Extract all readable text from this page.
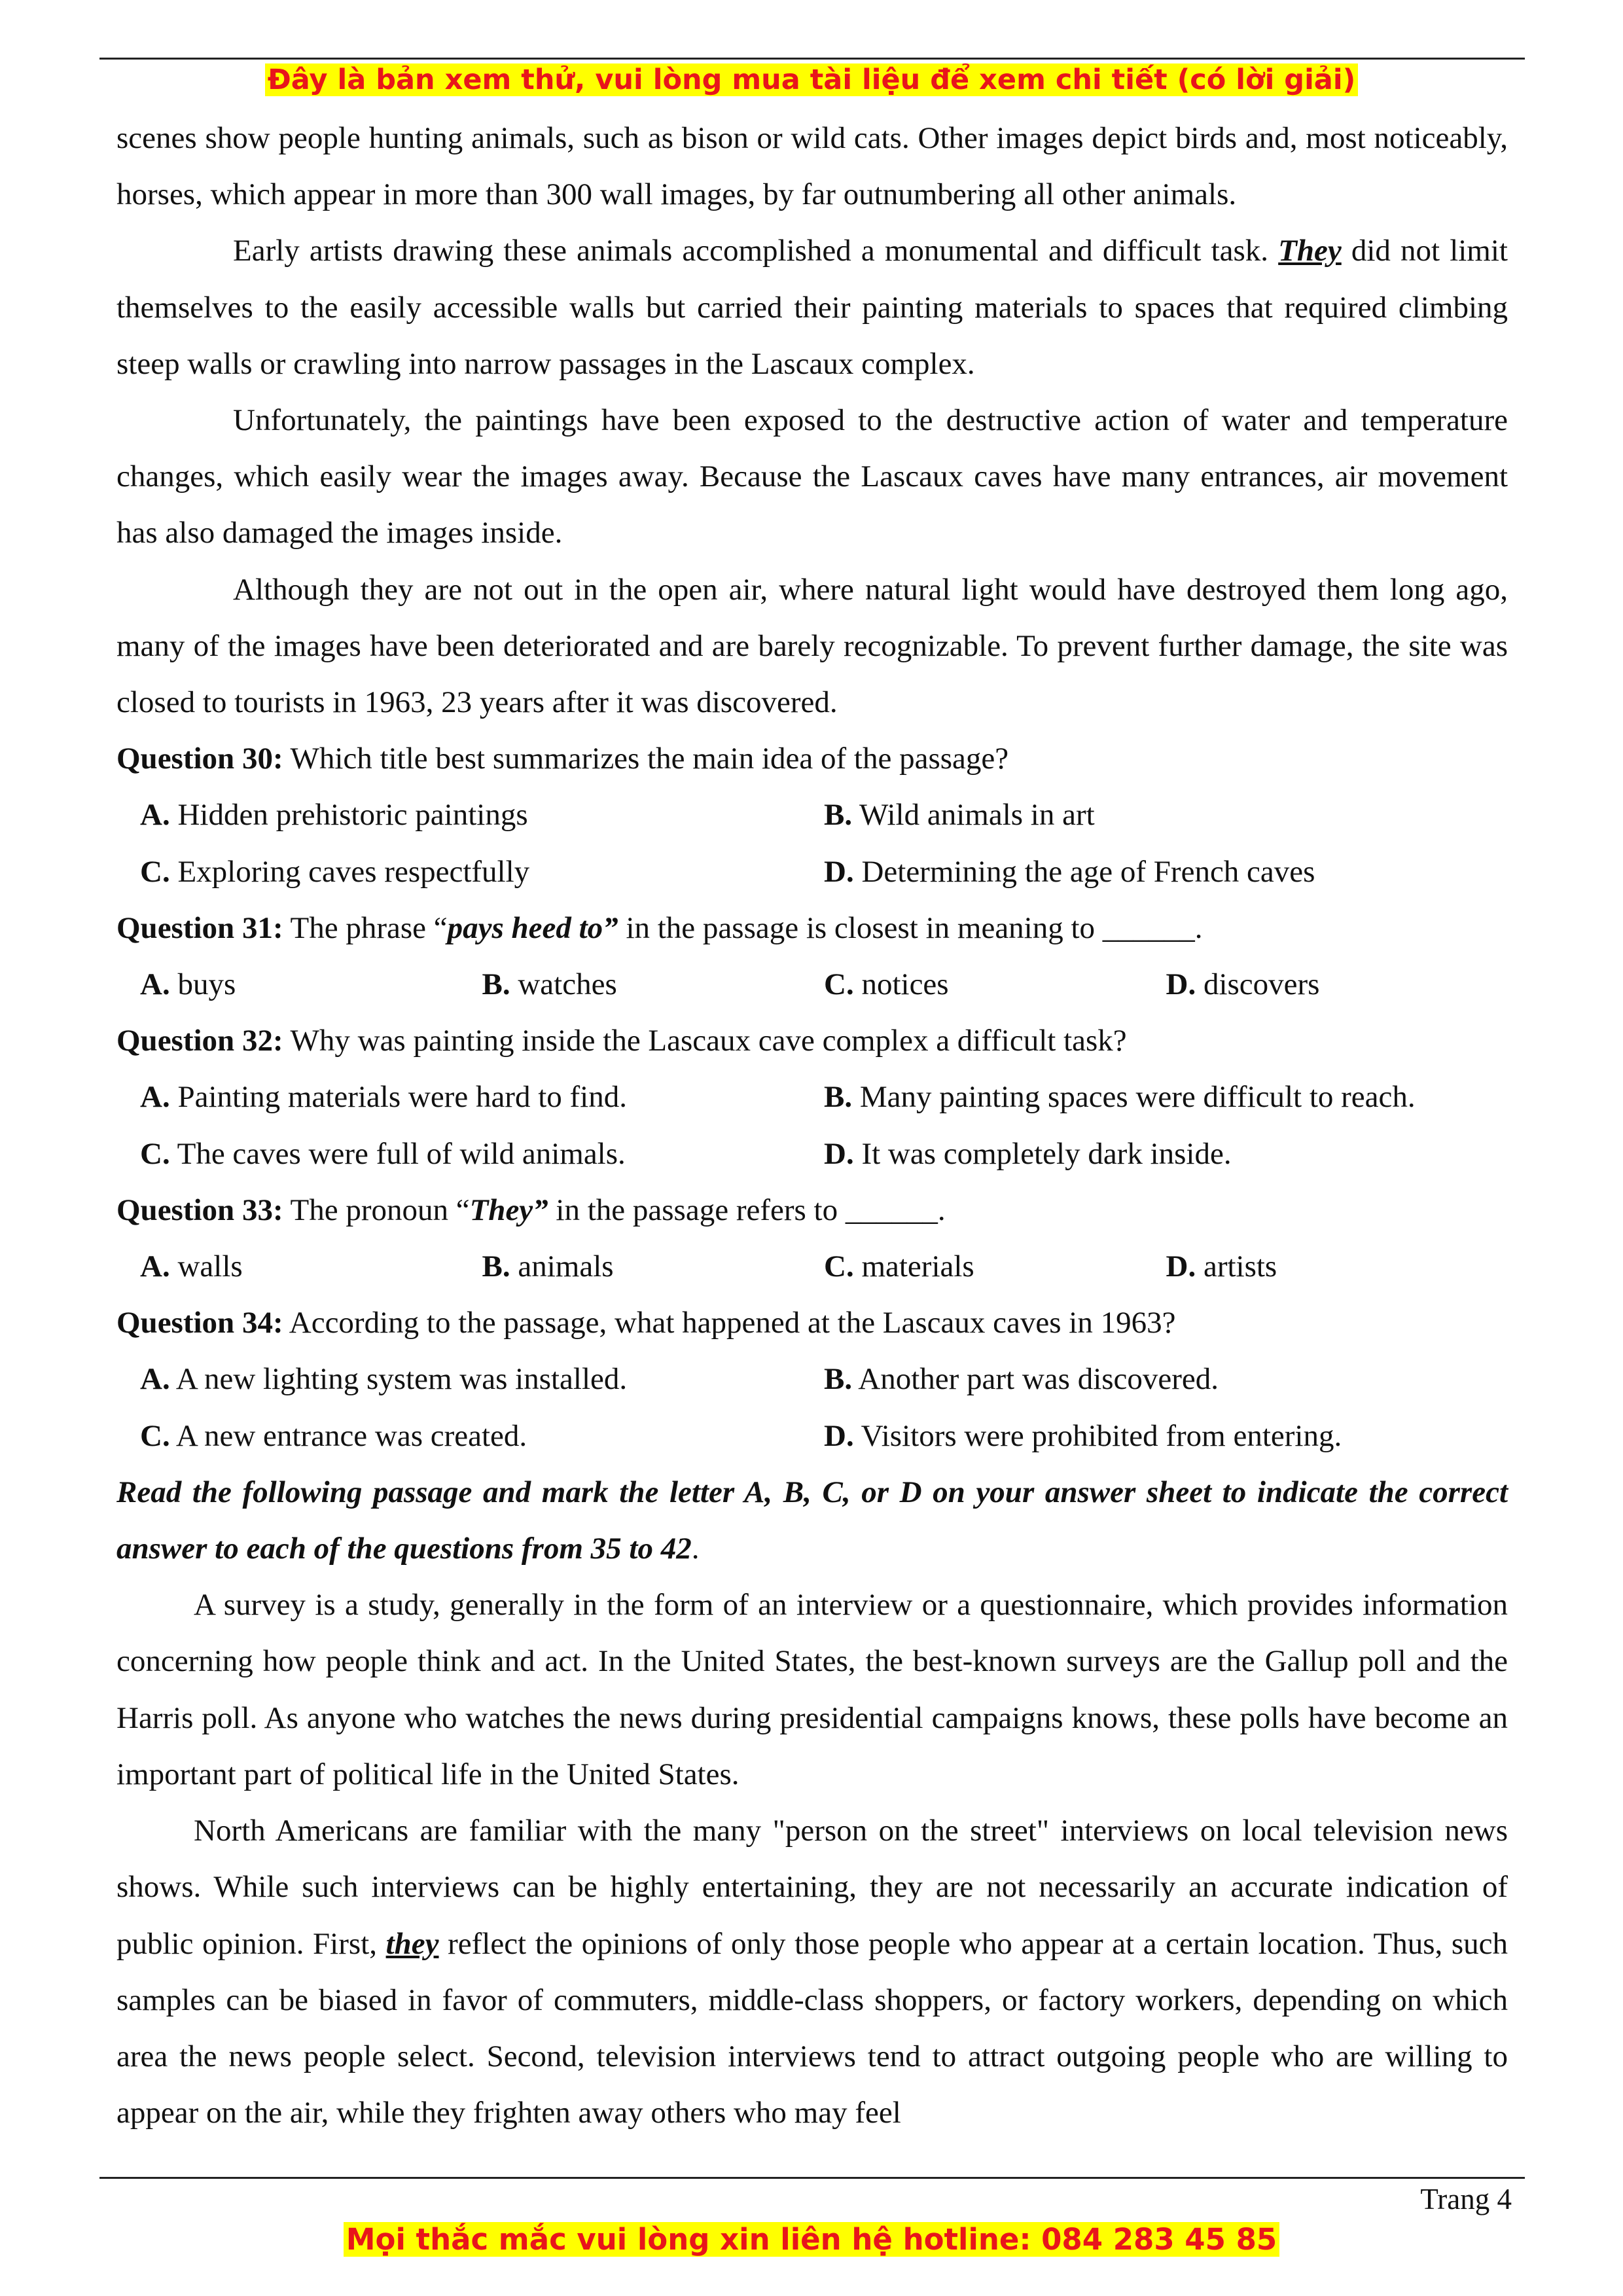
Đây là bản xem thử, vui lòng mua tài liệu để xem chi tiết (có lời giải)

scenes show people hunting animals, such as bison or wild cats. Other images depict birds and, most noticeably, horses, which appear in more than 300 wall images, by far outnumbering all other animals.

Early artists drawing these animals accomplished a monumental and difficult task. They did not limit themselves to the easily accessible walls but carried their painting materials to spaces that required climbing steep walls or crawling into narrow passages in the Lascaux complex.

Unfortunately, the paintings have been exposed to the destructive action of water and temperature changes, which easily wear the images away. Because the Lascaux caves have many entrances, air movement has also damaged the images inside.

Although they are not out in the open air, where natural light would have destroyed them long ago, many of the images have been deteriorated and are barely recognizable. To prevent further damage, the site was closed to tourists in 1963, 23 years after it was discovered.

Question 30: Which title best summarizes the main idea of the passage?

A. Hidden prehistoric paintings	B. Wild animals in art
C. Exploring caves respectfully	D. Determining the age of French caves

Question 31: The phrase “pays heed to” in the passage is closest in meaning to ______.

A. buys	B. watches	C. notices	D. discovers

Question 32: Why was painting inside the Lascaux cave complex a difficult task?

A. Painting materials were hard to find.	B. Many painting spaces were difficult to reach.
C. The caves were full of wild animals.	D. It was completely dark inside.

Question 33: The pronoun “They” in the passage refers to ______.

A. walls	B. animals	C. materials	D. artists

Question 34: According to the passage, what happened at the Lascaux caves in 1963?

A. A new lighting system was installed.	B. Another part was discovered.
C. A new entrance was created.	D. Visitors were prohibited from entering.

Read the following passage and mark the letter A, B, C, or D on your answer sheet to indicate the correct answer to each of the questions from 35 to 42.

A survey is a study, generally in the form of an interview or a questionnaire, which provides information concerning how people think and act. In the United States, the best-known surveys are the Gallup poll and the Harris poll. As anyone who watches the news during presidential campaigns knows, these polls have become an important part of political life in the United States.

North Americans are familiar with the many "person on the street" interviews on local television news shows. While such interviews can be highly entertaining, they are not necessarily an accurate indication of public opinion. First, they reflect the opinions of only those people who appear at a certain location. Thus, such samples can be biased in favor of commuters, middle-class shoppers, or factory workers, depending on which area the news people select. Second, television interviews tend to attract outgoing people who are willing to appear on the air, while they frighten away others who may feel

Trang 4
Mọi thắc mắc vui lòng xin liên hệ hotline: 084 283 45 85
